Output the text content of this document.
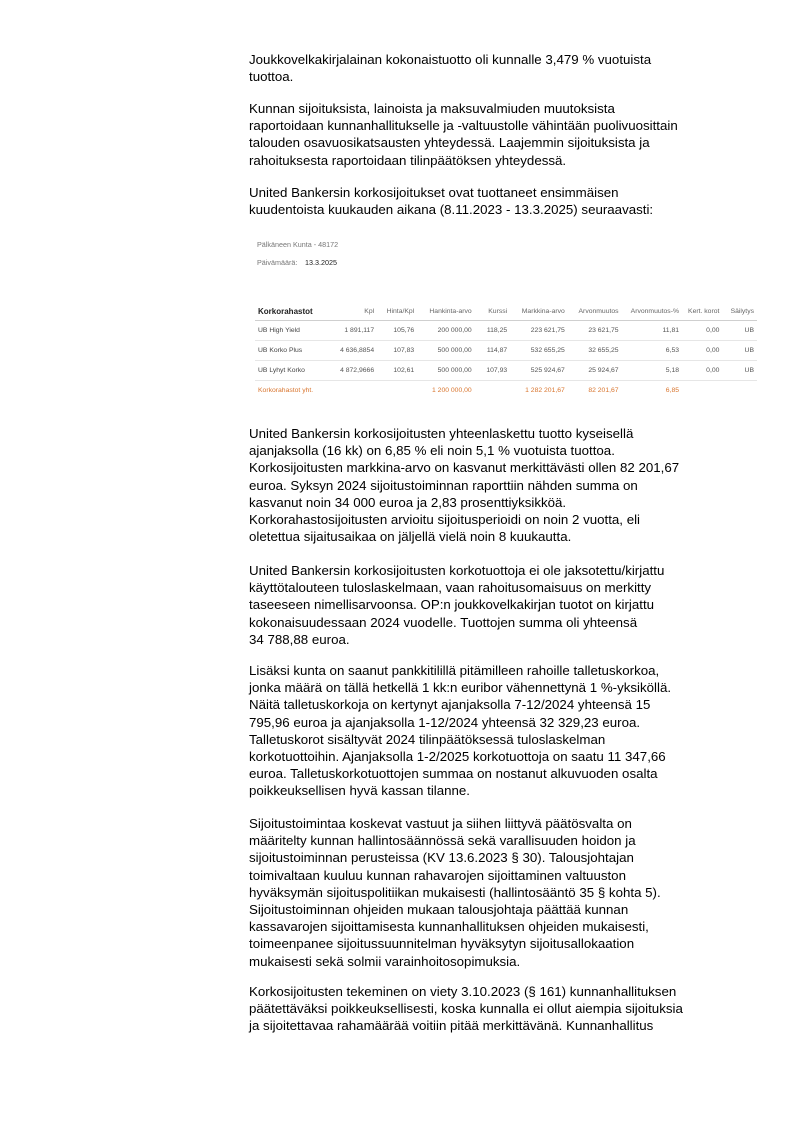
Joukkovelkakirjalainan kokonaistuotto oli kunnalle 3,479 % vuotuista
tuottoa.

Kunnan sijoituksista, lainoista ja maksuvalmiuden muutoksista
raportoidaan kunnanhallitukselle ja -valtuustolle vähintään puolivuosittain
talouden osavuosikatsausten yhteydessä. Laajemmin sijoituksista ja
rahoituksesta raportoidaan tilinpäätöksen yhteydessä.

United Bankersin korkosijoitukset ovat tuottaneet ensimmäisen
kuudentoista kuukauden aikana (8.11.2023 - 13.3.2025) seuraavasti:

Pälkäneen Kunta - 48172
Päivämäärä: 13.3.2025
Korkorahastot	Kpl	Hinta/Kpl	Hankinta-arvo	Kurssi	Markkina-arvo	Arvonmuutos	Arvonmuutos-%	Kert. korot	Säilytys
UB High Yield	1 891,117	105,76	200 000,00	118,25	223 621,75	23 621,75	11,81	0,00	UB
UB Korko Plus	4 636,8854	107,83	500 000,00	114,87	532 655,25	32 655,25	6,53	0,00	UB
UB Lyhyt Korko	4 872,9666	102,61	500 000,00	107,93	525 924,67	25 924,67	5,18	0,00	UB
Korkorahastot yht.			1 200 000,00		1 282 201,67	82 201,67	6,85		

United Bankersin korkosijoitusten yhteenlaskettu tuotto kyseisellä
ajanjaksolla (16 kk) on 6,85 % eli noin 5,1 % vuotuista tuottoa.
Korkosijoitusten markkina-arvo on kasvanut merkittävästi ollen 82 201,67
euroa. Syksyn 2024 sijoitustoiminnan raporttiin nähden summa on
kasvanut noin 34 000 euroa ja 2,83 prosenttiyksikköä.
Korkorahastosijoitusten arvioitu sijoitusperioidi on noin 2 vuotta, eli
oletettua sijaitusaikaa on jäljellä vielä noin 8 kuukautta.

United Bankersin korkosijoitusten korkotuottoja ei ole jaksotettu/kirjattu
käyttötalouteen tuloslaskelmaan, vaan rahoitusomaisuus on merkitty
taseeseen nimellisarvoonsa. OP:n joukkovelkakirjan tuotot on kirjattu
kokonaisuudessaan 2024 vuodelle. Tuottojen summa oli yhteensä
34 788,88 euroa.

Lisäksi kunta on saanut pankkitilillä pitämilleen rahoille talletuskorkoa,
jonka määrä on tällä hetkellä 1 kk:n euribor vähennettynä 1 %-yksiköllä.
Näitä talletuskorkoja on kertynyt ajanjaksolla 7-12/2024 yhteensä 15
795,96 euroa ja ajanjaksolla 1-12/2024 yhteensä 32 329,23 euroa.
Talletuskorot sisältyvät 2024 tilinpäätöksessä tuloslaskelman
korkotuottoihin. Ajanjaksolla 1-2/2025 korkotuottoja on saatu 11 347,66
euroa. Talletuskorkotuottojen summaa on nostanut alkuvuoden osalta
poikkeuksellisen hyvä kassan tilanne.

Sijoitustoimintaa koskevat vastuut ja siihen liittyvä päätösvalta on
määritelty kunnan hallintosäännössä sekä varallisuuden hoidon ja
sijoitustoiminnan perusteissa (KV 13.6.2023 § 30). Talousjohtajan
toimivaltaan kuuluu kunnan rahavarojen sijoittaminen valtuuston
hyväksymän sijoituspolitiikan mukaisesti (hallintosääntö 35 § kohta 5).
Sijoitustoiminnan ohjeiden mukaan talousjohtaja päättää kunnan
kassavarojen sijoittamisesta kunnanhallituksen ohjeiden mukaisesti,
toimeenpanee sijoitussuunnitelman hyväksytyn sijoitusallokaation
mukaisesti sekä solmii varainhoitosopimuksia.

Korkosijoitusten tekeminen on viety 3.10.2023 (§ 161) kunnanhallituksen
päätettäväksi poikkeuksellisesti, koska kunnalla ei ollut aiempia sijoituksia
ja sijoitettavaa rahamäärää voitiin pitää merkittävänä. Kunnanhallitus
